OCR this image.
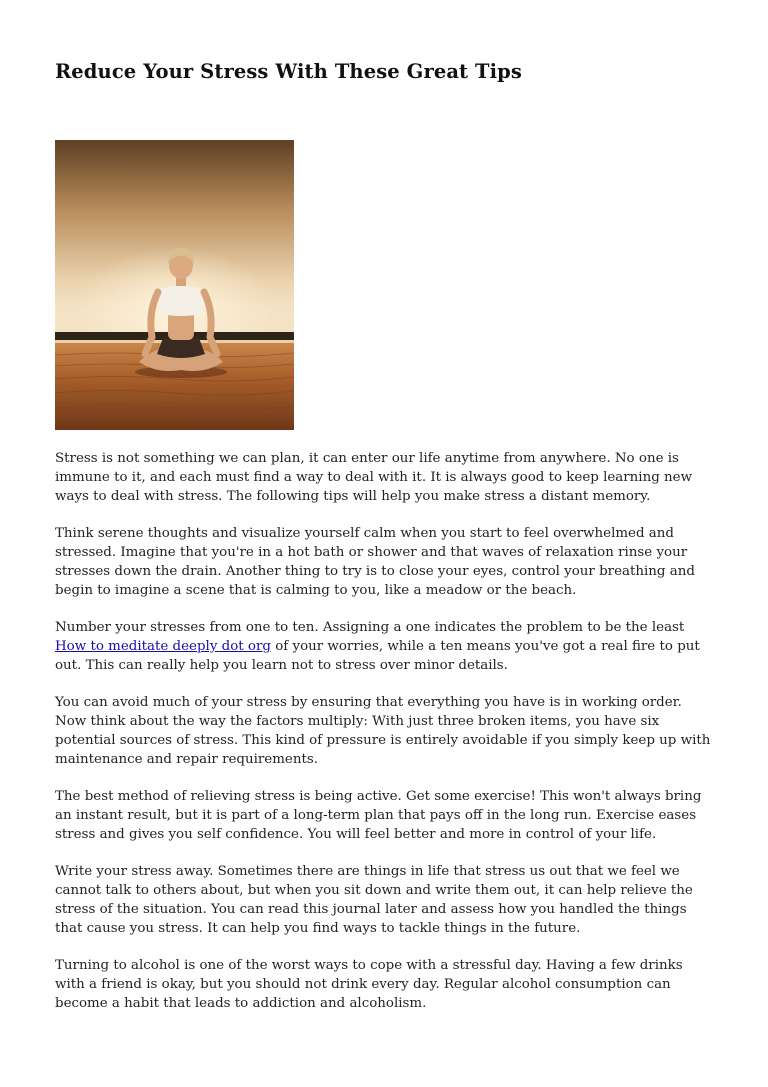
Reduce Your Stress With These Great Tips

Stress is not something we can plan, it can enter our life anytime from anywhere. No one is immune to it, and each must find a way to deal with it. It is always good to keep learning new ways to deal with stress. The following tips will help you make stress a distant memory.

Think serene thoughts and visualize yourself calm when you start to feel overwhelmed and stressed. Imagine that you're in a hot bath or shower and that waves of relaxation rinse your stresses down the drain. Another thing to try is to close your eyes, control your breathing and begin to imagine a scene that is calming to you, like a meadow or the beach.

Number your stresses from one to ten. Assigning a one indicates the problem to be the least How to meditate deeply dot org of your worries, while a ten means you've got a real fire to put out. This can really help you learn not to stress over minor details.

You can avoid much of your stress by ensuring that everything you have is in working order. Now think about the way the factors multiply: With just three broken items, you have six potential sources of stress. This kind of pressure is entirely avoidable if you simply keep up with maintenance and repair requirements.

The best method of relieving stress is being active. Get some exercise! This won't always bring an instant result, but it is part of a long-term plan that pays off in the long run. Exercise eases stress and gives you self confidence. You will feel better and more in control of your life.

Write your stress away. Sometimes there are things in life that stress us out that we feel we cannot talk to others about, but when you sit down and write them out, it can help relieve the stress of the situation. You can read this journal later and assess how you handled the things that cause you stress. It can help you find ways to tackle things in the future.

Turning to alcohol is one of the worst ways to cope with a stressful day. Having a few drinks with a friend is okay, but you should not drink every day. Regular alcohol consumption can become a habit that leads to addiction and alcoholism.
